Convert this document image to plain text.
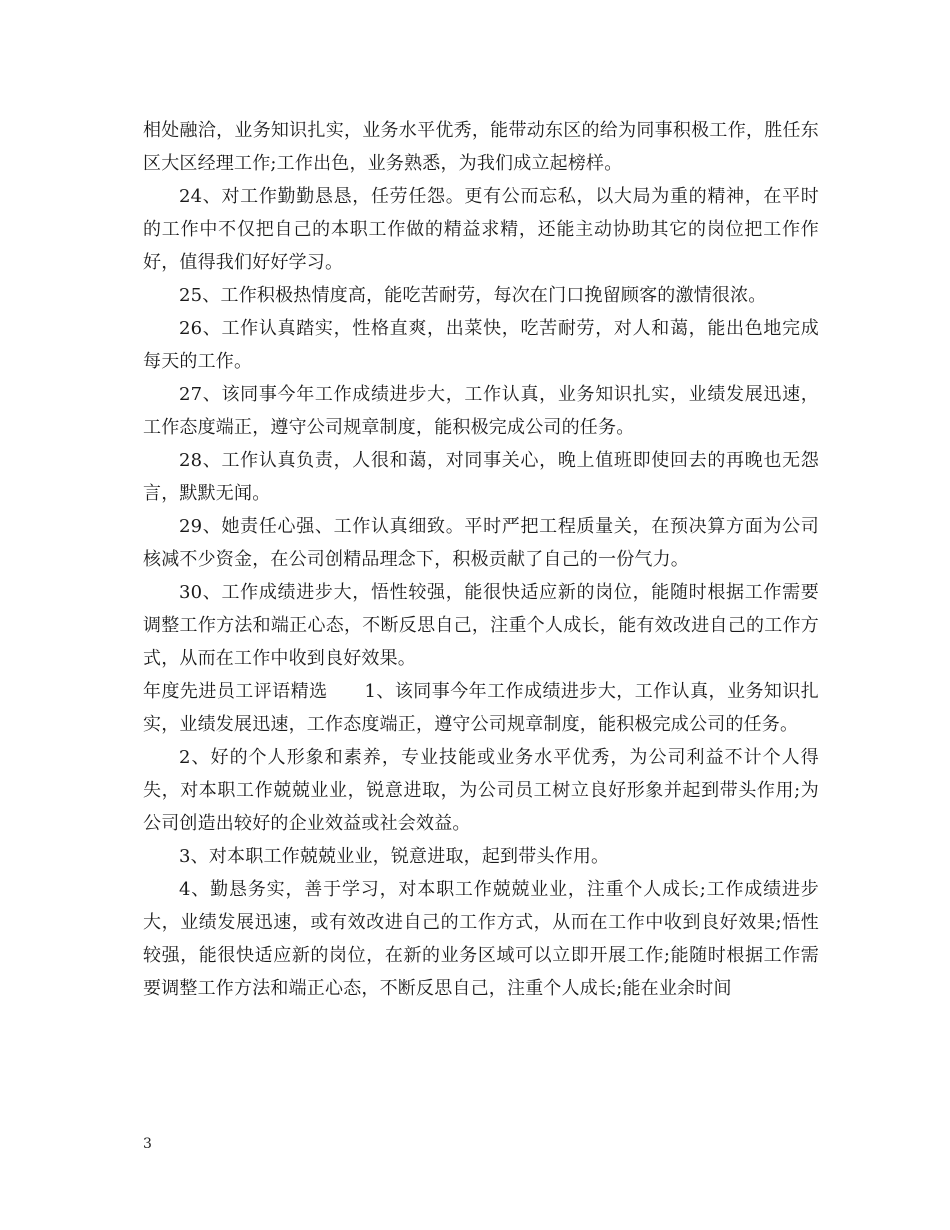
相处融洽，业务知识扎实，业务水平优秀，能带动东区的给为同事积极工作，胜任东区大区经理工作;工作出色，业务熟悉，为我们成立起榜样。

24、对工作勤勤恳恳，任劳任怨。更有公而忘私，以大局为重的精神，在平时的工作中不仅把自己的本职工作做的精益求精，还能主动协助其它的岗位把工作作好，值得我们好好学习。

25、工作积极热情度高，能吃苦耐劳，每次在门口挽留顾客的激情很浓。

26、工作认真踏实，性格直爽，出菜快，吃苦耐劳，对人和蔼，能出色地完成每天的工作。

27、该同事今年工作成绩进步大，工作认真，业务知识扎实，业绩发展迅速，工作态度端正，遵守公司规章制度，能积极完成公司的任务。

28、工作认真负责，人很和蔼，对同事关心，晚上值班即使回去的再晚也无怨言，默默无闻。

29、她责任心强、工作认真细致。平时严把工程质量关，在预决算方面为公司核减不少资金，在公司创精品理念下，积极贡献了自己的一份气力。

30、工作成绩进步大，悟性较强，能很快适应新的岗位，能随时根据工作需要调整工作方法和端正心态，不断反思自己，注重个人成长，能有效改进自己的工作方式，从而在工作中收到良好效果。

年度先进员工评语精选　　 1、该同事今年工作成绩进步大，工作认真，业务知识扎实，业绩发展迅速，工作态度端正，遵守公司规章制度，能积极完成公司的任务。

2、好的个人形象和素养，专业技能或业务水平优秀，为公司利益不计个人得失，对本职工作兢兢业业，锐意进取，为公司员工树立良好形象并起到带头作用;为公司创造出较好的企业效益或社会效益。

3、对本职工作兢兢业业，锐意进取，起到带头作用。

4、勤恳务实，善于学习，对本职工作兢兢业业，注重个人成长;工作成绩进步大，业绩发展迅速，或有效改进自己的工作方式，从而在工作中收到良好效果;悟性较强，能很快适应新的岗位，在新的业务区域可以立即开展工作;能随时根据工作需要调整工作方法和端正心态，不断反思自己，注重个人成长;能在业余时间

3
